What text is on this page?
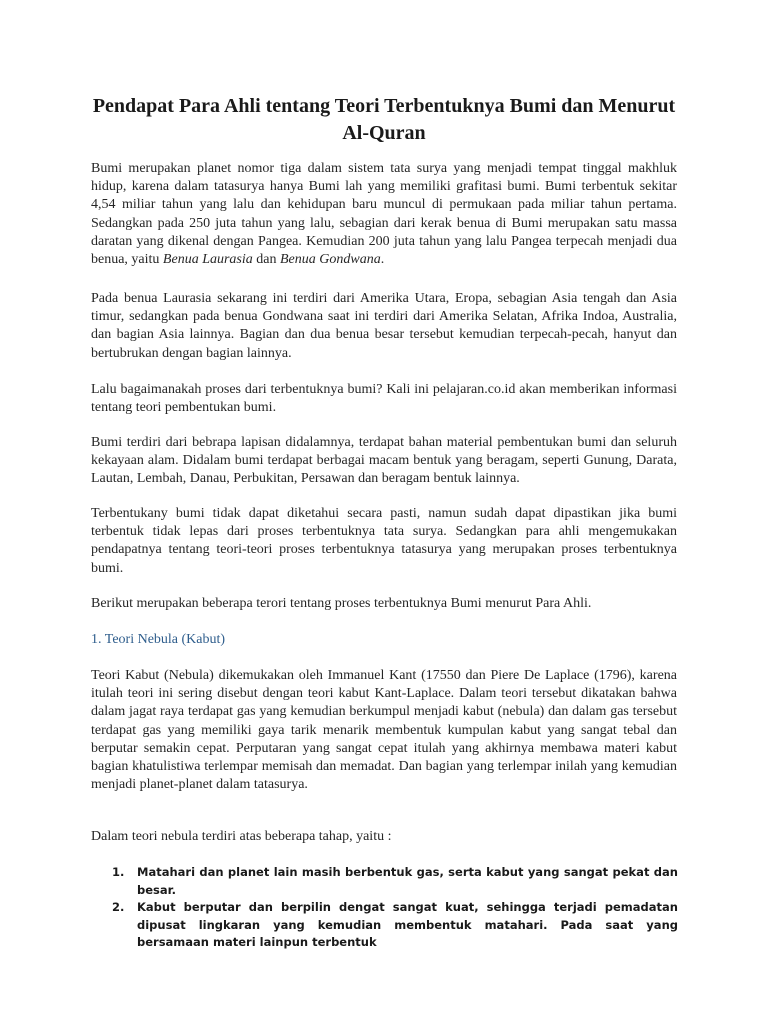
Pendapat Para Ahli tentang Teori Terbentuknya Bumi dan Menurut Al-Quran

Bumi merupakan planet nomor tiga dalam sistem tata surya yang menjadi tempat tinggal makhluk hidup, karena dalam tatasurya hanya Bumi lah yang memiliki grafitasi bumi. Bumi terbentuk sekitar 4,54 miliar tahun yang lalu dan kehidupan baru muncul di permukaan pada miliar tahun pertama. Sedangkan pada 250 juta tahun yang lalu, sebagian dari kerak benua di Bumi merupakan satu massa daratan yang dikenal dengan Pangea. Kemudian 200 juta tahun yang lalu Pangea terpecah menjadi dua benua, yaitu Benua Laurasia dan Benua Gondwana.

Pada benua Laurasia sekarang ini terdiri dari Amerika Utara, Eropa, sebagian Asia tengah dan Asia timur, sedangkan pada benua Gondwana saat ini terdiri dari Amerika Selatan, Afrika Indoa, Australia, dan bagian Asia lainnya. Bagian dan dua benua besar tersebut kemudian terpecah-pecah, hanyut dan bertubrukan dengan bagian lainnya.

Lalu bagaimanakah proses dari terbentuknya bumi? Kali ini pelajaran.co.id akan memberikan informasi tentang teori pembentukan bumi.

Bumi terdiri dari bebrapa lapisan didalamnya, terdapat bahan material pembentukan bumi dan seluruh kekayaan alam. Didalam bumi terdapat berbagai macam bentuk yang beragam, seperti Gunung, Darata, Lautan, Lembah, Danau, Perbukitan, Persawan dan beragam bentuk lainnya.

Terbentukany bumi tidak dapat diketahui secara pasti, namun sudah dapat dipastikan jika bumi terbentuk tidak lepas dari proses terbentuknya tata surya. Sedangkan para ahli mengemukakan pendapatnya tentang teori-teori proses terbentuknya tatasurya yang merupakan proses terbentuknya bumi.

Berikut merupakan beberapa terori tentang proses terbentuknya Bumi menurut Para Ahli.

1. Teori Nebula (Kabut)

Teori Kabut (Nebula) dikemukakan oleh Immanuel Kant (17550 dan Piere De Laplace (1796), karena itulah teori ini sering disebut dengan teori kabut Kant-Laplace. Dalam teori tersebut dikatakan bahwa dalam jagat raya terdapat gas yang kemudian berkumpul menjadi kabut (nebula) dan dalam gas tersebut terdapat gas yang memiliki gaya tarik menarik membentuk kumpulan kabut yang sangat tebal dan berputar semakin cepat. Perputaran yang sangat cepat itulah yang akhirnya membawa materi kabut bagian khatulistiwa terlempar memisah dan memadat. Dan bagian yang terlempar inilah yang kemudian menjadi planet-planet dalam tatasurya.

Dalam teori nebula terdiri atas beberapa tahap, yaitu :

1.	Matahari dan planet lain masih berbentuk gas, serta kabut yang sangat pekat dan besar.
2.	Kabut berputar dan berpilin dengat sangat kuat, sehingga terjadi pemadatan dipusat lingkaran yang kemudian membentuk matahari. Pada saat yang bersamaan materi lainpun terbentuk
